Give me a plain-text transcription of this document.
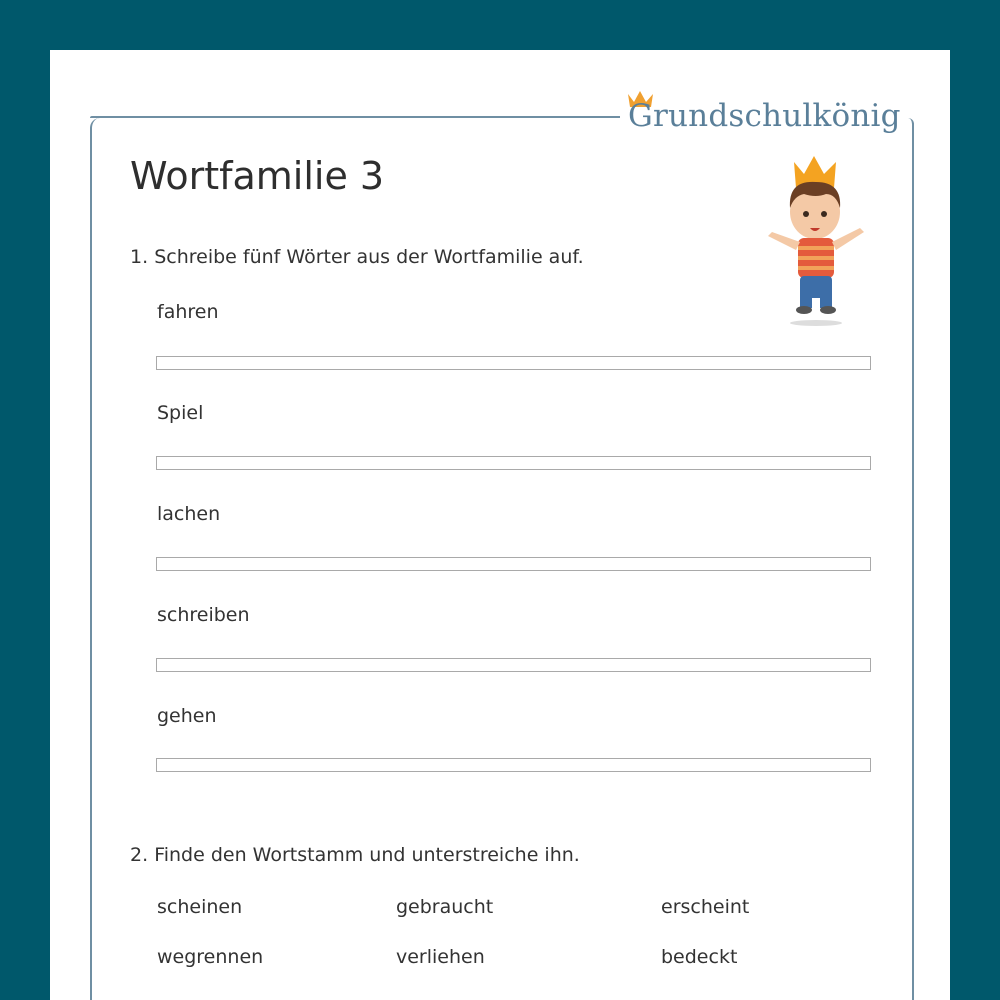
Grundschulkönig
Wortfamilie 3
1. Schreibe fünf Wörter aus der Wortfamilie auf.
fahren
Spiel
lachen
schreiben
gehen
2. Finde den Wortstamm und unterstreiche ihn.
scheinen	gebraucht	erscheint
wegrennen	verliehen	bedeckt
